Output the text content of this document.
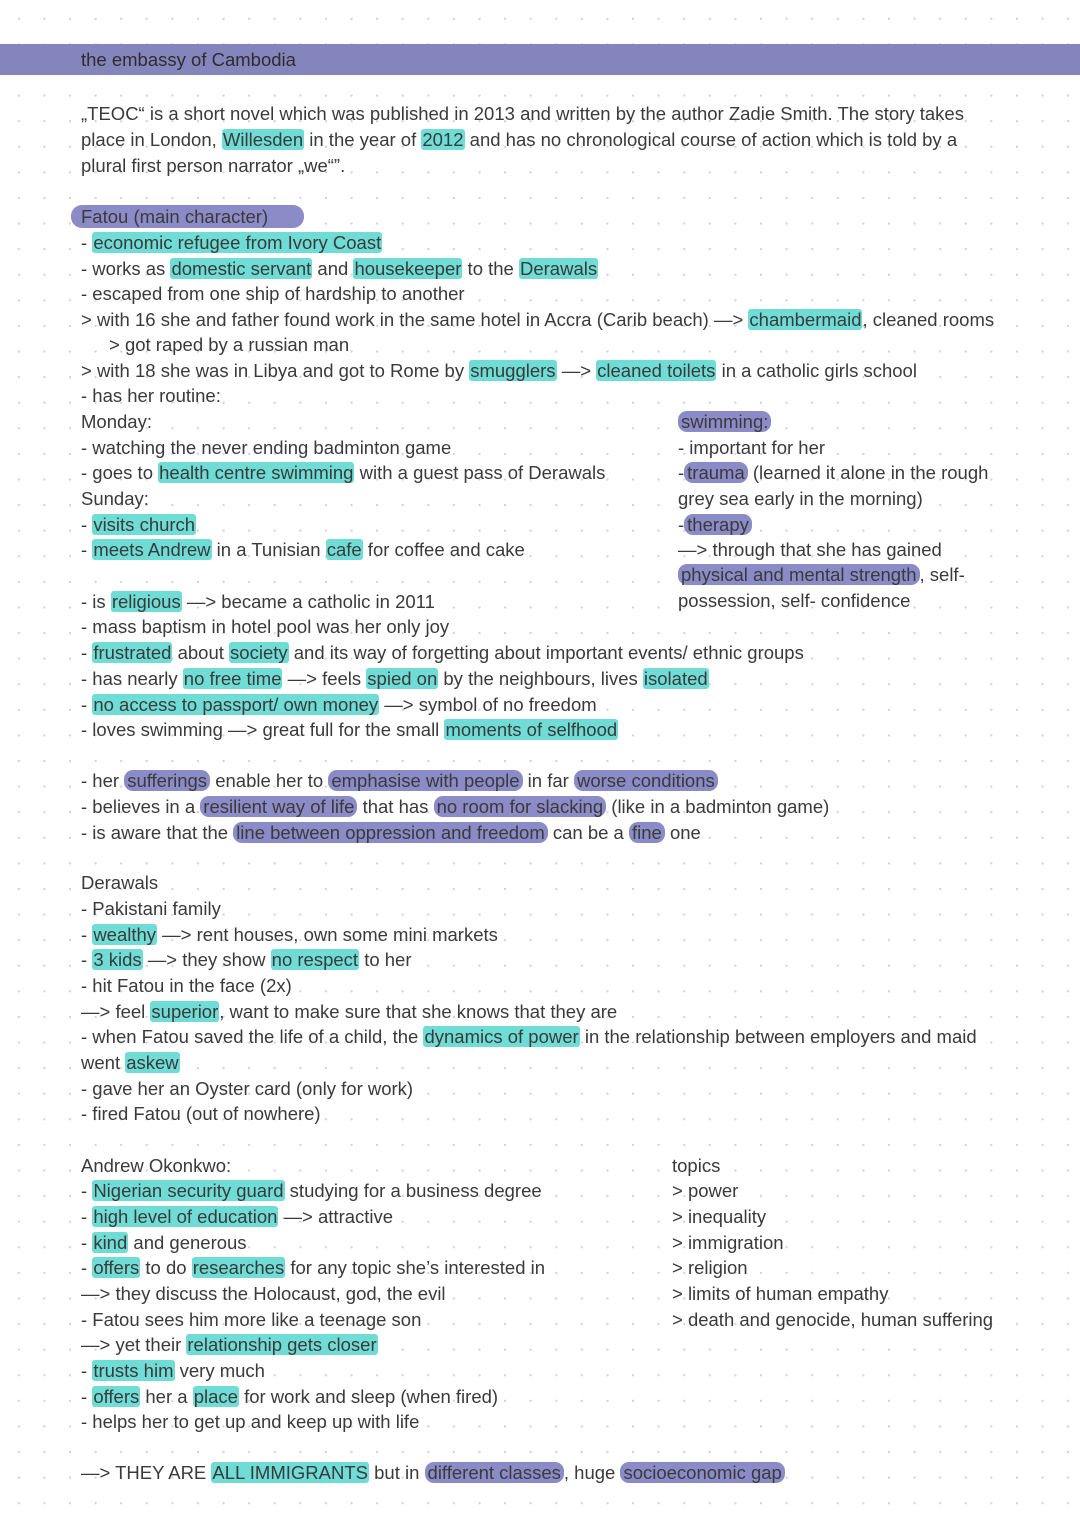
the embassy of Cambodia
„TEOC“ is a short novel which was published in 2013 and written by the author Zadie Smith. The story takes
place in London, Willesden in the year of 2012 and has no chronological course of action which is told by a
plural first person narrator „we“”.
Fatou (main character)
- economic refugee from Ivory Coast
- works as domestic servant and housekeeper to the Derawals
- escaped from one ship of hardship to another
> with 16 she and father found work in the same hotel in Accra (Carib beach) —> chambermaid, cleaned rooms
> got raped by a russian man
> with 18 she was in Libya and got to Rome by smugglers —> cleaned toilets in a catholic girls school
- has her routine:
Monday:
- watching the never ending badminton game
- goes to health centre swimming with a guest pass of Derawals
Sunday:
- visits church
- meets Andrew in a Tunisian cafe for coffee and cake
swimming:
- important for her
- trauma (learned it alone in the rough
grey sea early in the morning)
- therapy
—> through that she has gained
physical and mental strength , self-
possession, self- confidence
- is religious —> became a catholic in 2011
- mass baptism in hotel pool was her only joy
- frustrated about society and its way of forgetting about important events/ ethnic groups
- has nearly no free time —> feels spied on by the neighbours, lives isolated
- no access to passport/ own money —> symbol of no freedom
- loves swimming —> great full for the small moments of selfhood
- her sufferings enable her to emphasise with people in far worse conditions
- believes in a resilient way of life that has no room for slacking (like in a badminton game)
- is aware that the line between oppression and freedom can be a fine one
Derawals
- Pakistani family
- wealthy —> rent houses, own some mini markets
- 3 kids —> they show no respect to her
- hit Fatou in the face (2x)
—> feel superior, want to make sure that she knows that they are
- when Fatou saved the life of a child, the dynamics of power in the relationship between employers and maid
went askew
- gave her an Oyster card (only for work)
- fired Fatou (out of nowhere)
Andrew Okonkwo:
- Nigerian security guard studying for a business degree
- high level of education —> attractive
- kind and generous
- offers to do researches for any topic she’s interested in
—> they discuss the Holocaust, god, the evil
- Fatou sees him more like a teenage son
—> yet their relationship gets closer
- trusts him very much
- offers her a place for work and sleep (when fired)
- helps her to get up and keep up with life
topics
> power
> inequality
> immigration
> religion
> limits of human empathy
> death and genocide, human suffering
—> THEY ARE ALL IMMIGRANTS but in different classes , huge socioeconomic gap
